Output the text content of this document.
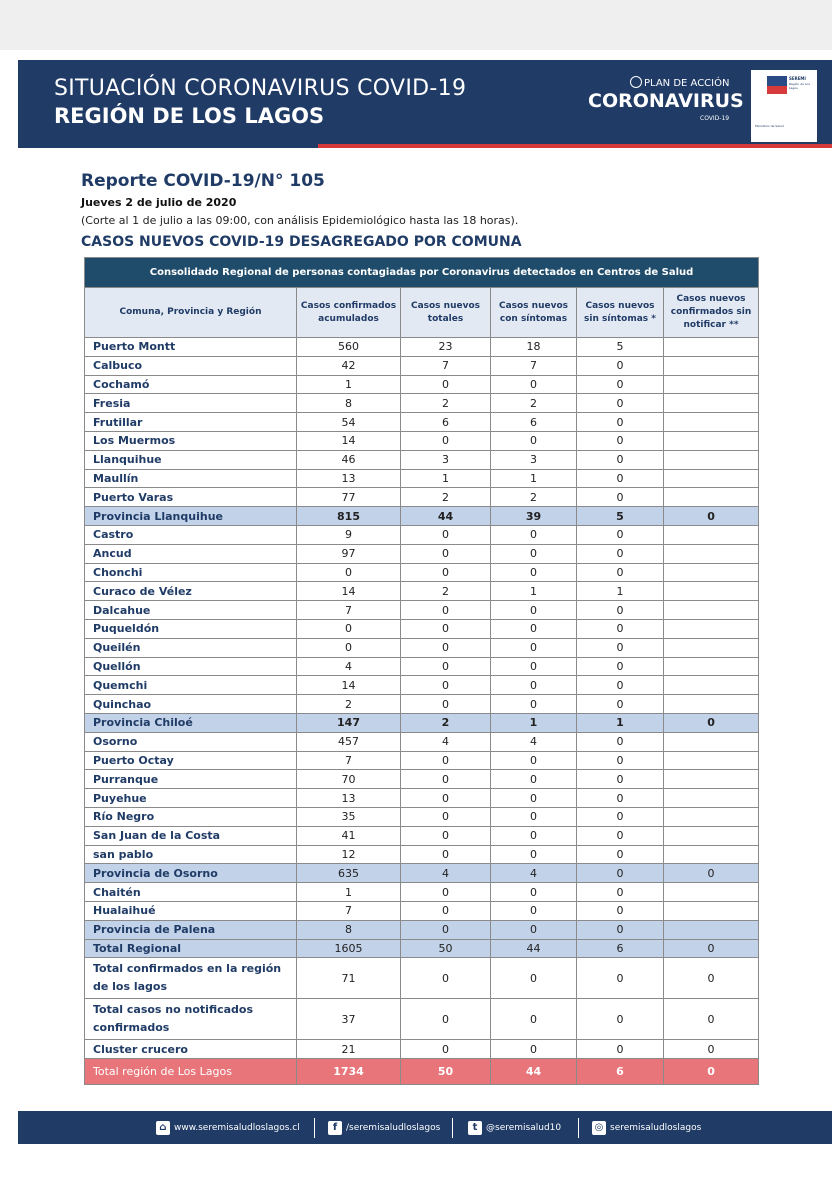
SITUACIÓN CORONAVIRUS COVID-19
REGIÓN DE LOS LAGOS
PLAN DE ACCIÓN
CORONAVIRUS
COVID-19
SEREMI
Región de Los Lagos
Ministerio de Salud
Reporte COVID-19/N° 105
Jueves 2 de julio de 2020
(Corte al 1 de julio a las 09:00, con análisis Epidemiológico hasta las 18 horas).
CASOS NUEVOS COVID-19 DESAGREGADO POR COMUNA
Consolidado Regional de personas contagiadas por Coronavirus detectados en Centros de Salud					
Comuna, Provincia y Región	Casos confirmados acumulados	Casos nuevos totales	Casos nuevos con síntomas	Casos nuevos sin síntomas *	Casos nuevos confirmados sin notificar **
Puerto Montt	560	23	18	5	
Calbuco	42	7	7	0	
Cochamó	1	0	0	0	
Fresia	8	2	2	0	
Frutillar	54	6	6	0	
Los Muermos	14	0	0	0	
Llanquihue	46	3	3	0	
Maullín	13	1	1	0	
Puerto Varas	77	2	2	0	
Provincia Llanquihue	815	44	39	5	0
Castro	9	0	0	0	
Ancud	97	0	0	0	
Chonchi	0	0	0	0	
Curaco de Vélez	14	2	1	1	
Dalcahue	7	0	0	0	
Puqueldón	0	0	0	0	
Queilén	0	0	0	0	
Quellón	4	0	0	0	
Quemchi	14	0	0	0	
Quinchao	2	0	0	0	
Provincia Chiloé	147	2	1	1	0
Osorno	457	4	4	0	
Puerto Octay	7	0	0	0	
Purranque	70	0	0	0	
Puyehue	13	0	0	0	
Río Negro	35	0	0	0	
San Juan de la Costa	41	0	0	0	
san pablo	12	0	0	0	
Provincia de Osorno	635	4	4	0	0
Chaitén	1	0	0	0	
Hualaihué	7	0	0	0	
Provincia de Palena	8	0	0	0	
Total Regional	1605	50	44	6	0
Total confirmados en la región de los lagos	71	0	0	0	0
Total casos no notificados confirmados	37	0	0	0	0
Cluster crucero	21	0	0	0	0
Total región de Los Lagos	1734	50	44	6	0
⌂ www.seremisaludloslagos.cl	f /seremisaludloslagos	t @seremisalud10	◎ seremisaludloslagos
